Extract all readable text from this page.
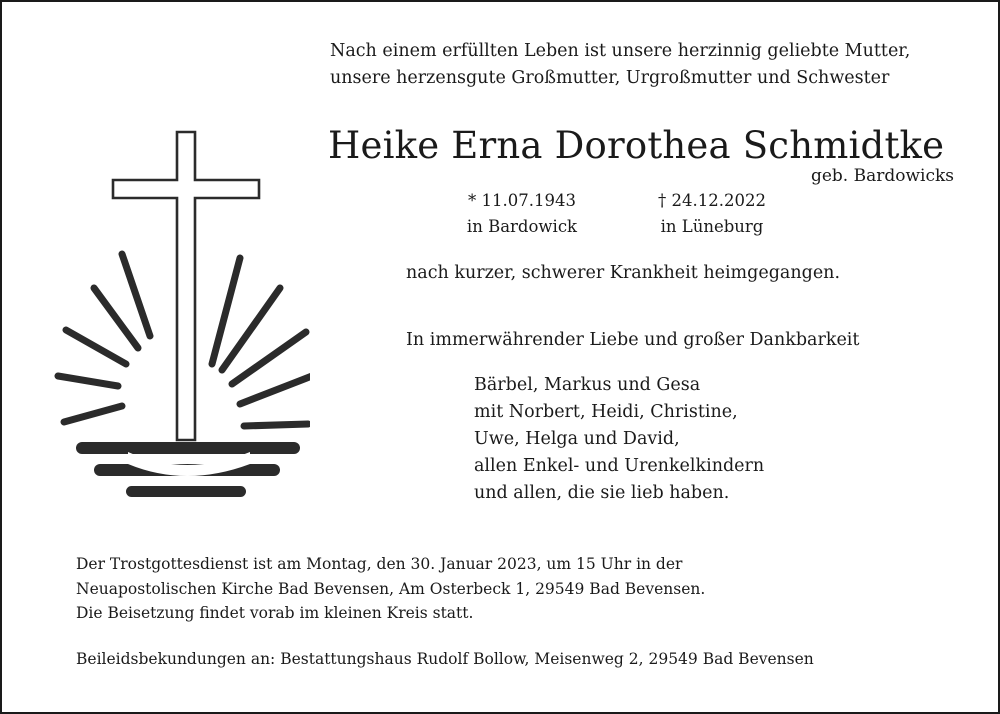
Nach einem erfüllten Leben ist unsere herzinnig geliebte Mutter,
unsere herzensgute Großmutter, Urgroßmutter und Schwester
Heike Erna Dorothea Schmidtke
geb. Bardowicks
* 11.07.1943
in Bardowick
† 24.12.2022
in Lüneburg
nach kurzer, schwerer Krankheit heimgegangen.
In immerwährender Liebe und großer Dankbarkeit
Bärbel, Markus und Gesa
mit Norbert, Heidi, Christine,
Uwe, Helga und David,
allen Enkel- und Urenkelkindern
und allen, die sie lieb haben.
Der Trostgottesdienst ist am Montag, den 30. Januar 2023, um 15 Uhr in der
Neuapostolischen Kirche Bad Bevensen, Am Osterbeck 1, 29549 Bad Bevensen.
Die Beisetzung findet vorab im kleinen Kreis statt.
Beileidsbekundungen an: Bestattungshaus Rudolf Bollow, Meisenweg 2, 29549 Bad Bevensen
